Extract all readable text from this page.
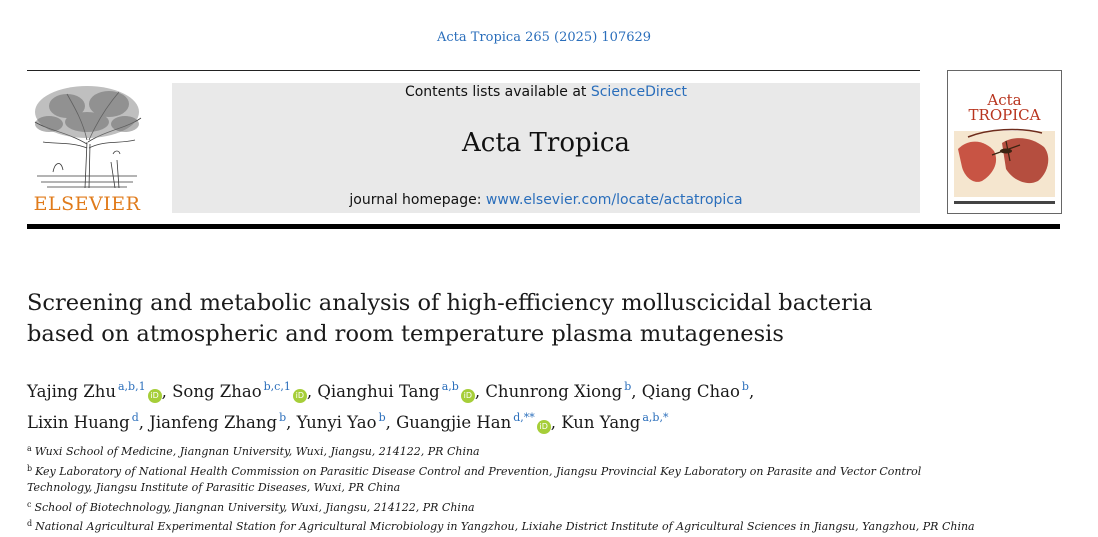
Acta Tropica 265 (2025) 107629
ELSEVIER
Contents lists available at ScienceDirect
Acta Tropica
journal homepage: www.elsevier.com/locate/actatropica
Acta
TROPICA
Screening and metabolic analysis of high-efficiency molluscicidal bacteria
based on atmospheric and room temperature plasma mutagenesis
Yajing Zhu $^{a,b,1}$iD , Song Zhao $^{b,c,1}$iD , Qianghui Tang $^{a,b}$iD , Chunrong Xiong $^b$, Qiang Chao $^b$,
Lixin Huang $^d$, Jianfeng Zhang $^b$, Yunyi Yao $^b$, Guangjie Han $^{d,**}$iD , Kun Yang $^{a,b,*}$
$^a$ Wuxi School of Medicine, Jiangnan University, Wuxi, Jiangsu, 214122, PR China
$^b$ Key Laboratory of National Health Commission on Parasitic Disease Control and Prevention, Jiangsu Provincial Key Laboratory on Parasite and Vector Control
Technology, Jiangsu Institute of Parasitic Diseases, Wuxi, PR China
$^c$ School of Biotechnology, Jiangnan University, Wuxi, Jiangsu, 214122, PR China
$^d$ National Agricultural Experimental Station for Agricultural Microbiology in Yangzhou, Lixiahe District Institute of Agricultural Sciences in Jiangsu, Yangzhou, PR China
